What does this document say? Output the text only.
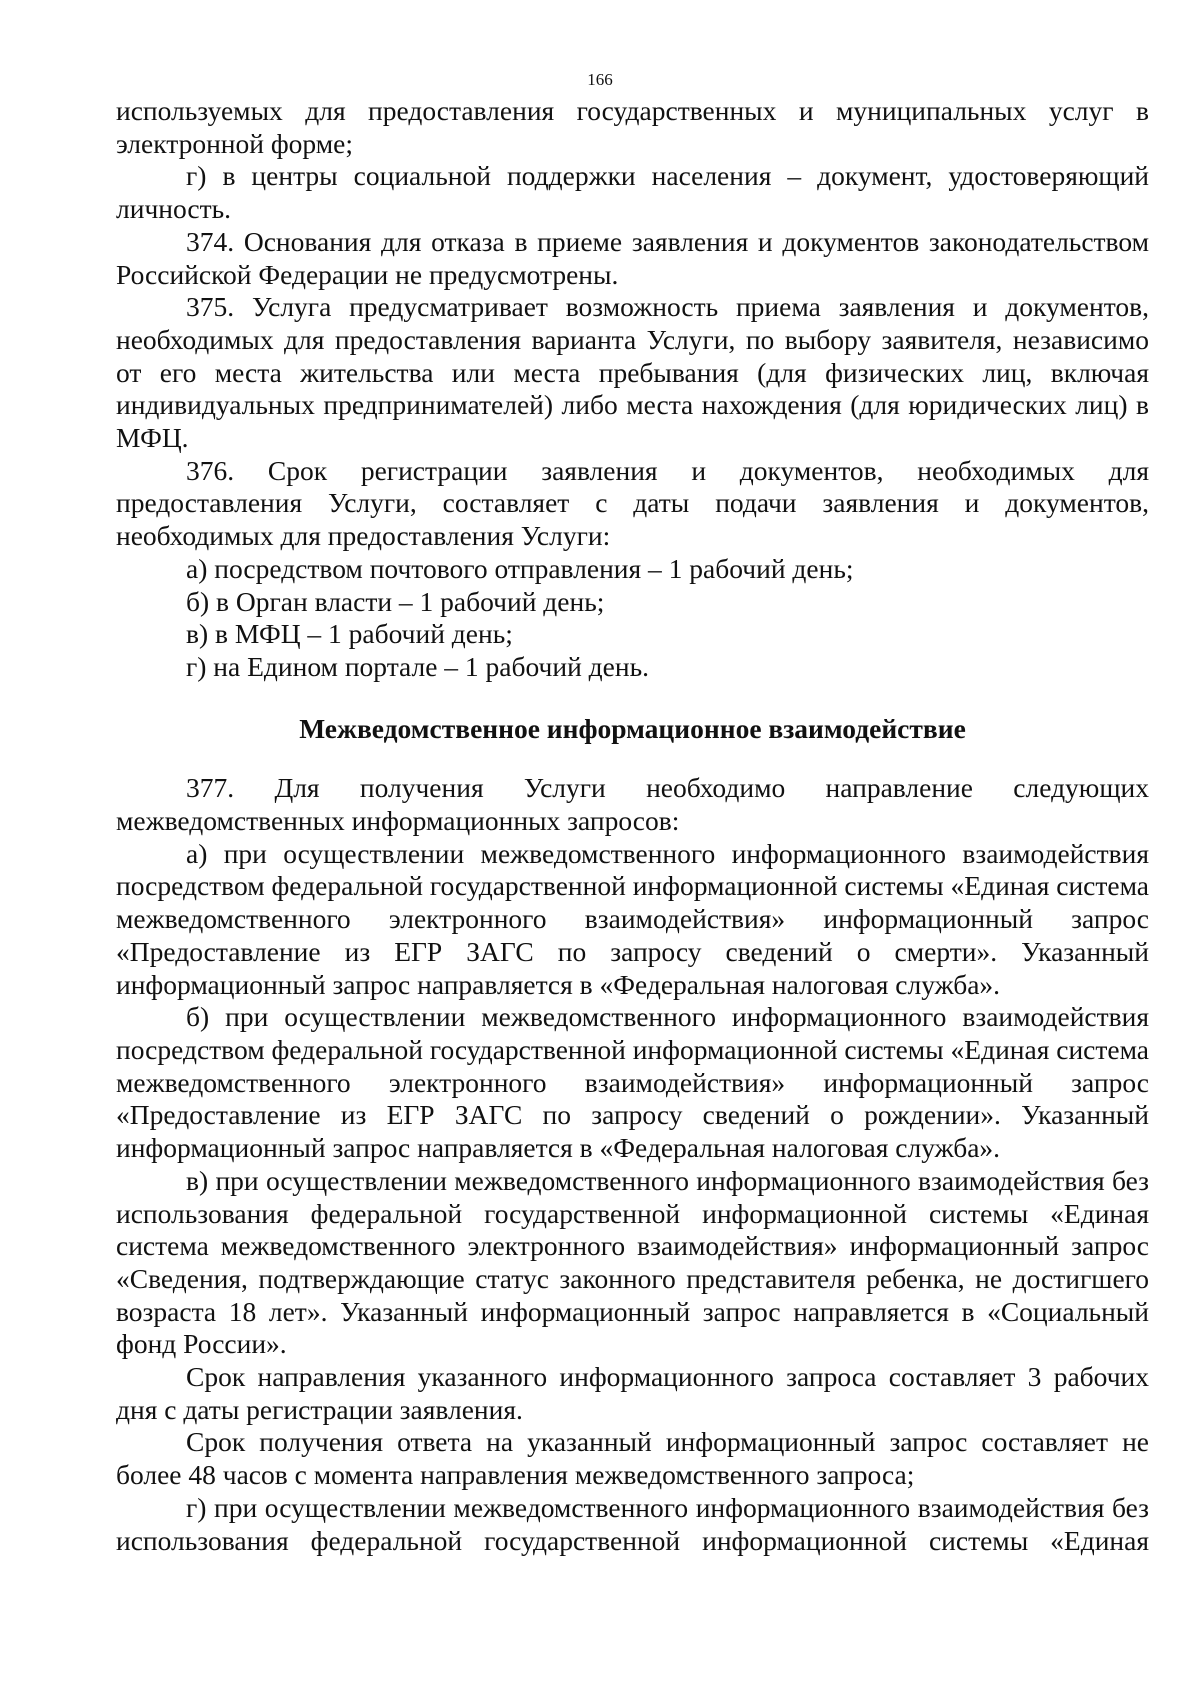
166

используемых для предоставления государственных и муниципальных услуг в электронной форме;

г) в центры социальной поддержки населения – документ, удостоверяющий личность.

374. Основания для отказа в приеме заявления и документов законодательством Российской Федерации не предусмотрены.

375. Услуга предусматривает возможность приема заявления и документов, необходимых для предоставления варианта Услуги, по выбору заявителя, независимо от его места жительства или места пребывания (для физических лиц, включая индивидуальных предпринимателей) либо места нахождения (для юридических лиц) в МФЦ.

376. Срок регистрации заявления и документов, необходимых для предоставления Услуги, составляет с даты подачи заявления и документов, необходимых для предоставления Услуги:

а) посредством почтового отправления – 1 рабочий день;

б) в Орган власти – 1 рабочий день;

в) в МФЦ – 1 рабочий день;

г) на Едином портале – 1 рабочий день.

Межведомственное информационное взаимодействие

377. Для получения Услуги необходимо направление следующих межведомственных информационных запросов:

а) при осуществлении межведомственного информационного взаимодействия посредством федеральной государственной информационной системы «Единая система межведомственного электронного взаимодействия» информационный запрос «Предоставление из ЕГР ЗАГС по запросу сведений о смерти». Указанный информационный запрос направляется в «Федеральная налоговая служба».

б) при осуществлении межведомственного информационного взаимодействия посредством федеральной государственной информационной системы «Единая система межведомственного электронного взаимодействия» информационный запрос «Предоставление из ЕГР ЗАГС по запросу сведений о рождении». Указанный информационный запрос направляется в «Федеральная налоговая служба».

в) при осуществлении межведомственного информационного взаимодействия без использования федеральной государственной информационной системы «Единая система межведомственного электронного взаимодействия» информационный запрос «Сведения, подтверждающие статус законного представителя ребенка, не достигшего возраста 18 лет». Указанный информационный запрос направляется в «Социальный фонд России».

Срок направления указанного информационного запроса составляет 3 рабочих дня с даты регистрации заявления.

Срок получения ответа на указанный информационный запрос составляет не более 48 часов с момента направления межведомственного запроса;

г) при осуществлении межведомственного информационного взаимодействия без использования федеральной государственной информационной системы «Единая
